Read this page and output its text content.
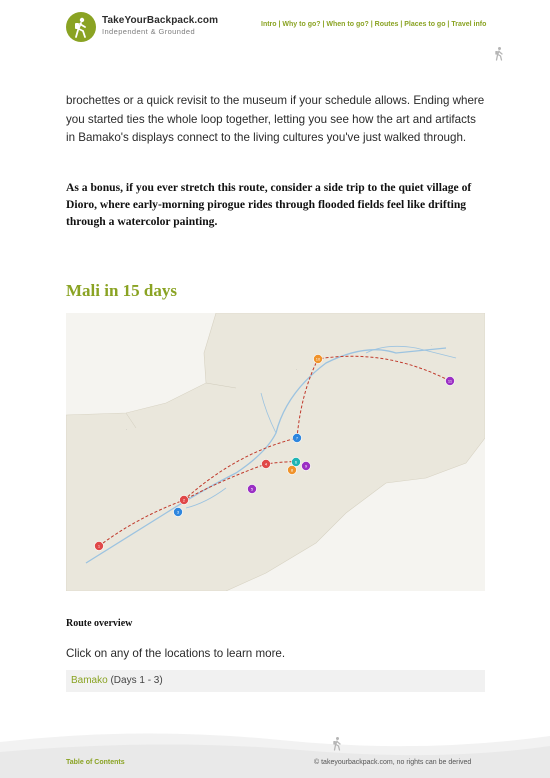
TakeYourBackpack.com
Independent & Grounded
Intro | Why to go? | When to go? | Routes | Places to go | Travel info
brochettes or a quick revisit to the museum if your schedule allows. Ending where you started ties the whole loop together, letting you see how the art and artifacts in Bamako's displays connect to the living cultures you've just walked through.
As a bonus, if you ever stretch this route, consider a side trip to the quiet village of Dioro, where early-morning pirogue rides through flooded fields feel like drifting through a watercolor painting.
Mali in 15 days
·
·
·
1
2
3
4
5
6
7
8
9
10
11
Route overview
Click on any of the locations to learn more.
Bamako (Days 1 - 3)
Table of Contents	© takeyourbackpack.com, no rights can be derived
